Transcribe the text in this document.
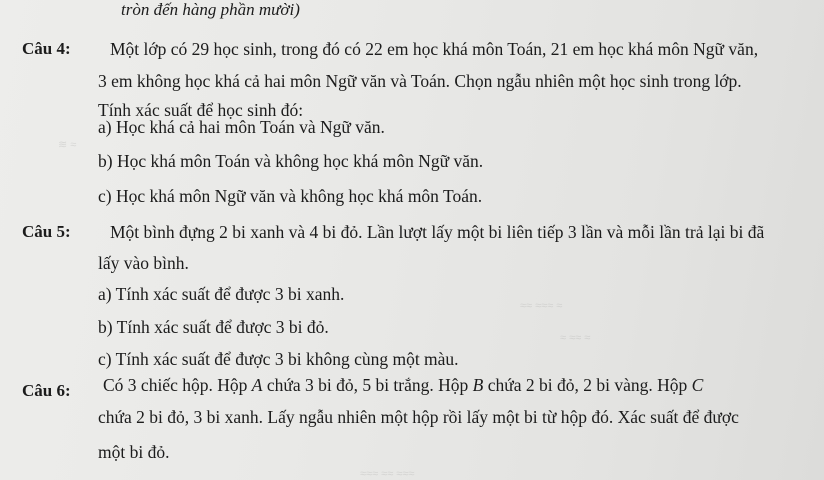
≋ ≈
≈≈ ≈≈≈ ≈
≈ ≈≈ ≈
≈≈≈ ≈≈ ≈≈≈
tròn đến hàng phần mười)
Câu 4: Một lớp có 29 học sinh, trong đó có 22 em học khá môn Toán, 21 em học khá môn Ngữ văn,
3 em không học khá cả hai môn Ngữ văn và Toán. Chọn ngẫu nhiên một học sinh trong lớp.
Tính xác suất để học sinh đó:
a) Học khá cả hai môn Toán và Ngữ văn.
b) Học khá môn Toán và không học khá môn Ngữ văn.
c) Học khá môn Ngữ văn và không học khá môn Toán.
Câu 5: Một bình đựng 2 bi xanh và 4 bi đỏ. Lần lượt lấy một bi liên tiếp 3 lần và mỗi lần trả lại bi đã
lấy vào bình.
a) Tính xác suất để được 3 bi xanh.
b) Tính xác suất để được 3 bi đỏ.
c) Tính xác suất để được 3 bi không cùng một màu.
Câu 6: Có 3 chiếc hộp. Hộp A chứa 3 bi đỏ, 5 bi trắng. Hộp B chứa 2 bi đỏ, 2 bi vàng. Hộp C
chứa 2 bi đỏ, 3 bi xanh. Lấy ngẫu nhiên một hộp rồi lấy một bi từ hộp đó. Xác suất để được
một bi đỏ.
